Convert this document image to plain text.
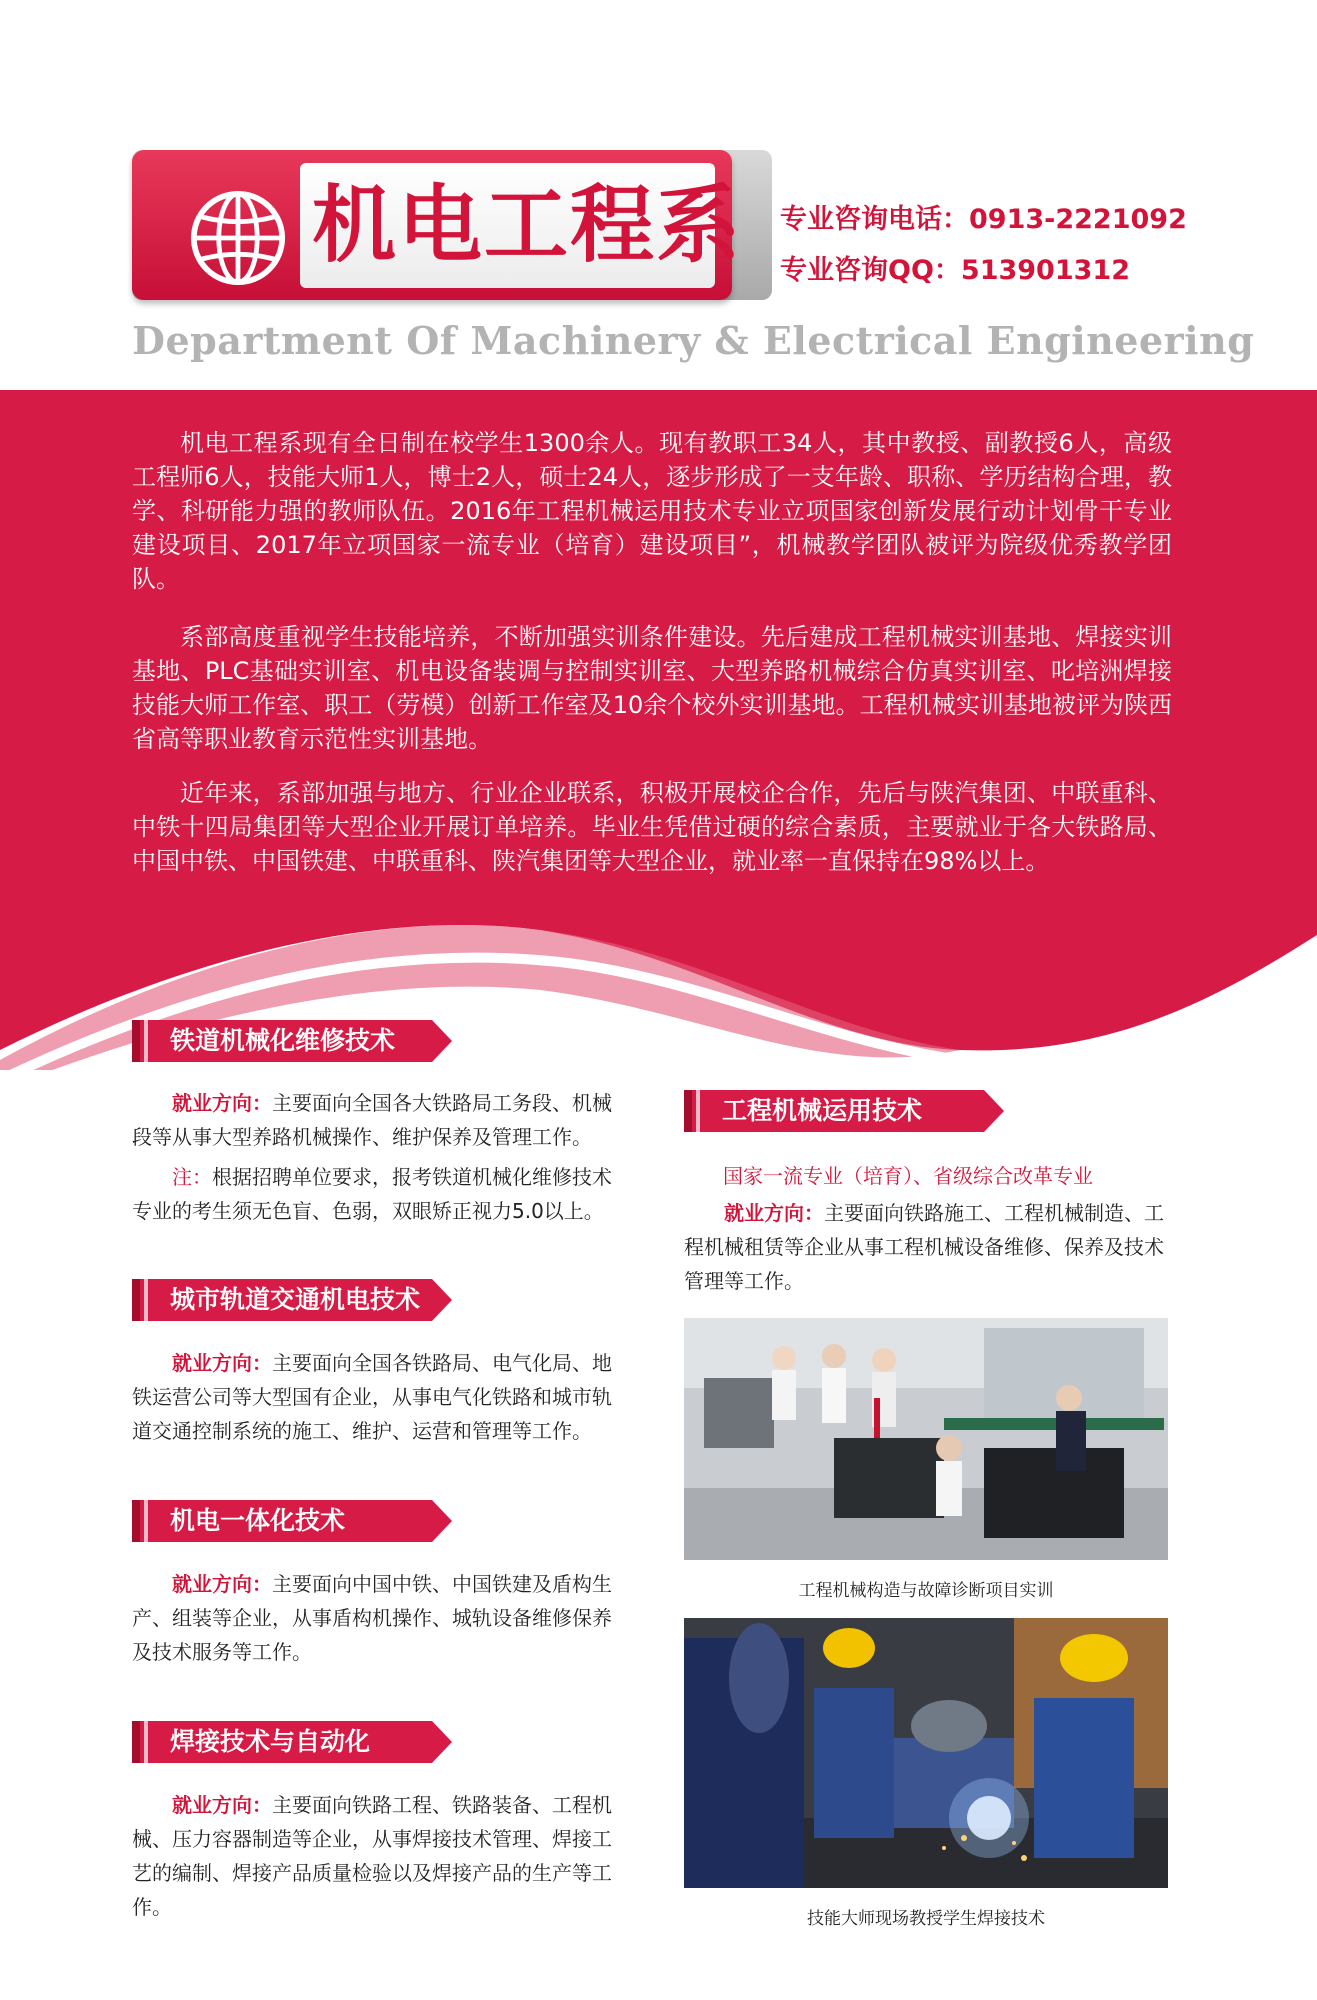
机电工程系 专业咨询电话：0913-2221092
专业咨询QQ：513901312
Department Of Machinery & Electrical Engineering
机电工程系现有全日制在校学生1300余人。现有教职工34人，其中教授、副教授6人，高级工程师6人，技能大师1人，博士2人，硕士24人，逐步形成了一支年龄、职称、学历结构合理，教学、科研能力强的教师队伍。2016年工程机械运用技术专业立项国家创新发展行动计划骨干专业建设项目、2017年立项国家一流专业（培育）建设项目”，机械教学团队被评为院级优秀教学团队。
系部高度重视学生技能培养，不断加强实训条件建设。先后建成工程机械实训基地、焊接实训基地、PLC基础实训室、机电设备装调与控制实训室、大型养路机械综合仿真实训室、叱培洲焊接技能大师工作室、职工（劳模）创新工作室及10余个校外实训基地。工程机械实训基地被评为陕西省高等职业教育示范性实训基地。
近年来，系部加强与地方、行业企业联系，积极开展校企合作，先后与陕汽集团、中联重科、中铁十四局集团等大型企业开展订单培养。毕业生凭借过硬的综合素质，主要就业于各大铁路局、中国中铁、中国铁建、中联重科、陕汽集团等大型企业，就业率一直保持在98%以上。
铁道机械化维修技术
就业方向：主要面向全国各大铁路局工务段、机械段等从事大型养路机械操作、维护保养及管理工作。
注：根据招聘单位要求，报考铁道机械化维修技术专业的考生须无色盲、色弱，双眼矫正视力5.0以上。
城市轨道交通机电技术
就业方向：主要面向全国各铁路局、电气化局、地铁运营公司等大型国有企业，从事电气化铁路和城市轨道交通控制系统的施工、维护、运营和管理等工作。
机电一体化技术
就业方向：主要面向中国中铁、中国铁建及盾构生产、组装等企业，从事盾构机操作、城轨设备维修保养及技术服务等工作。
焊接技术与自动化
就业方向：主要面向铁路工程、铁路装备、工程机械、压力容器制造等企业，从事焊接技术管理、焊接工艺的编制、焊接产品质量检验以及焊接产品的生产等工作。
工程机械运用技术
国家一流专业（培育）、省级综合改革专业
就业方向：主要面向铁路施工、工程机械制造、工程机械租赁等企业从事工程机械设备维修、保养及技术管理等工作。
工程机械构造与故障诊断项目实训
技能大师现场教授学生焊接技术
